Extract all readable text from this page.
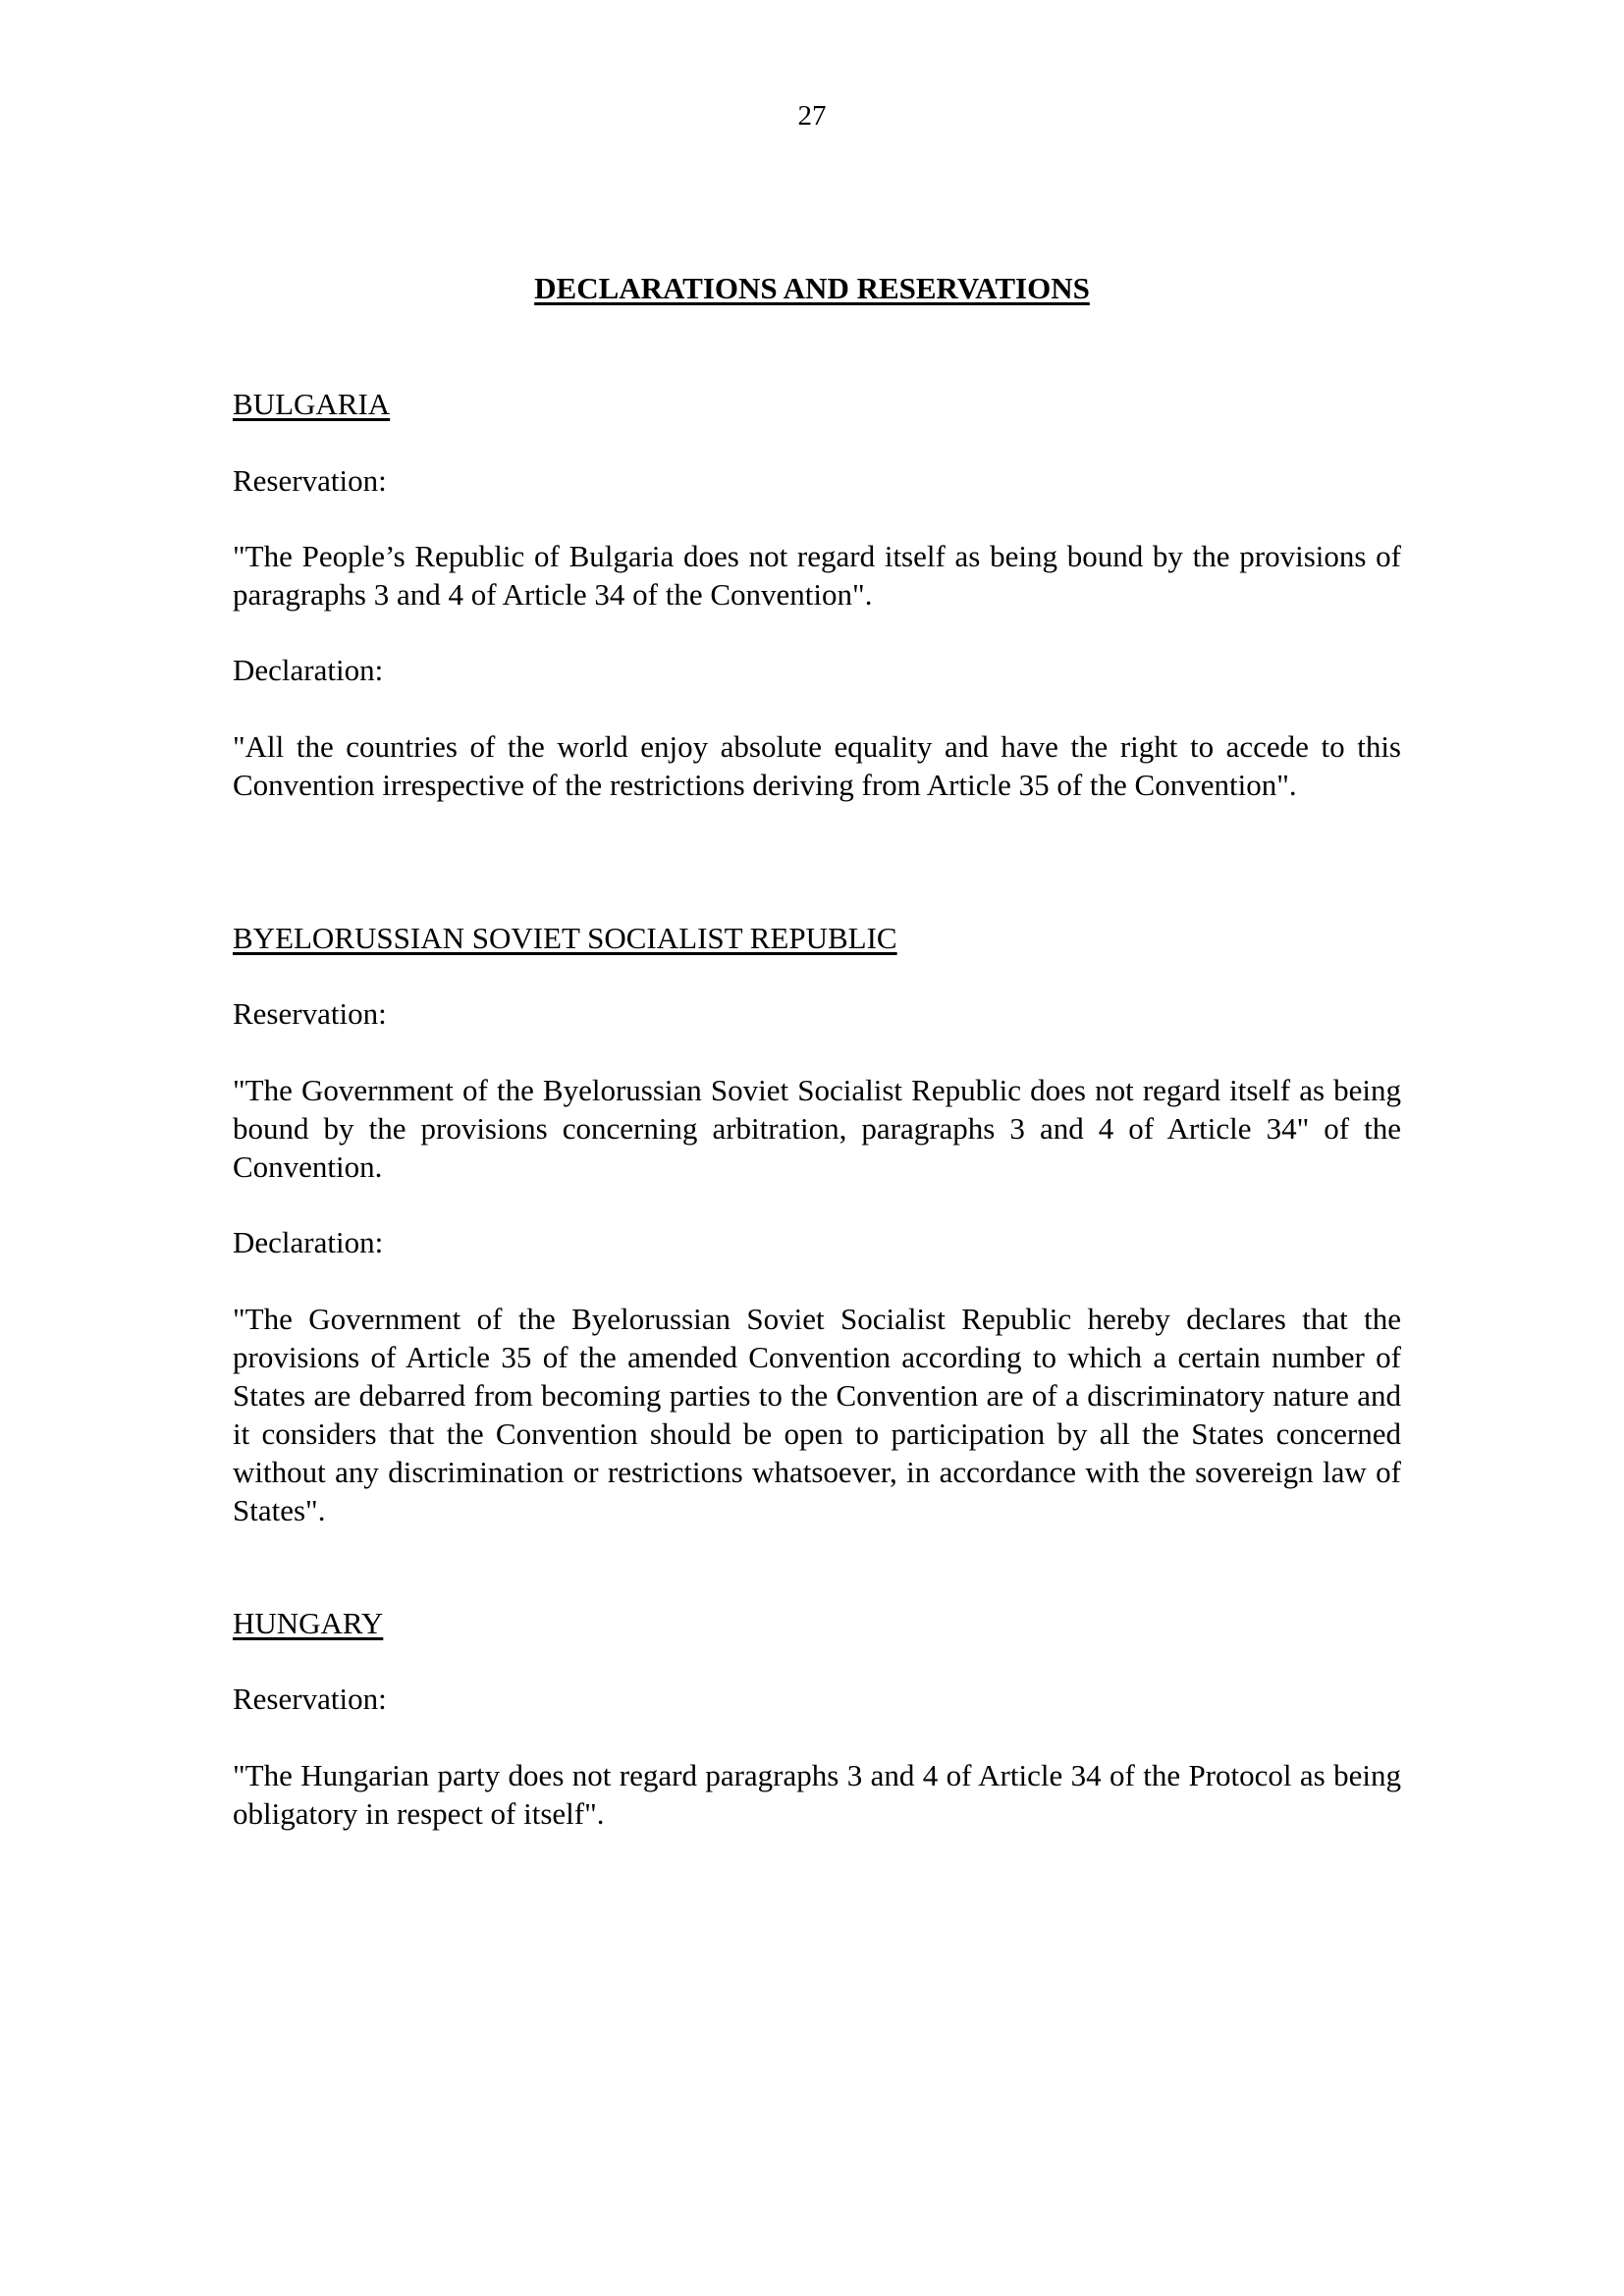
27
DECLARATIONS AND RESERVATIONS
BULGARIA
Reservation:
"The People’s Republic of Bulgaria does not regard itself as being bound by the provisions of paragraphs 3 and 4 of Article 34 of the Convention".
Declaration:
"All the countries of the world enjoy absolute equality and have the right to accede to this Convention irrespective of the restrictions deriving from Article 35 of the Convention".
BYELORUSSIAN SOVIET SOCIALIST REPUBLIC
Reservation:
"The Government of the Byelorussian Soviet Socialist Republic does not regard itself as being bound by the provisions concerning arbitration, paragraphs 3 and 4 of Article 34" of the Convention.
Declaration:
"The Government of the Byelorussian Soviet Socialist Republic hereby declares that the provisions of Article 35 of the amended Convention according to which a certain number of States are debarred from becoming parties to the Convention are of a discriminatory nature and it considers that the Convention should be open to participation by all the States concerned without any discrimination or restrictions whatsoever, in accordance with the sovereign law of States".
HUNGARY
Reservation:
"The Hungarian party does not regard paragraphs 3 and 4 of Article 34 of the Protocol as being obligatory in respect of itself".
